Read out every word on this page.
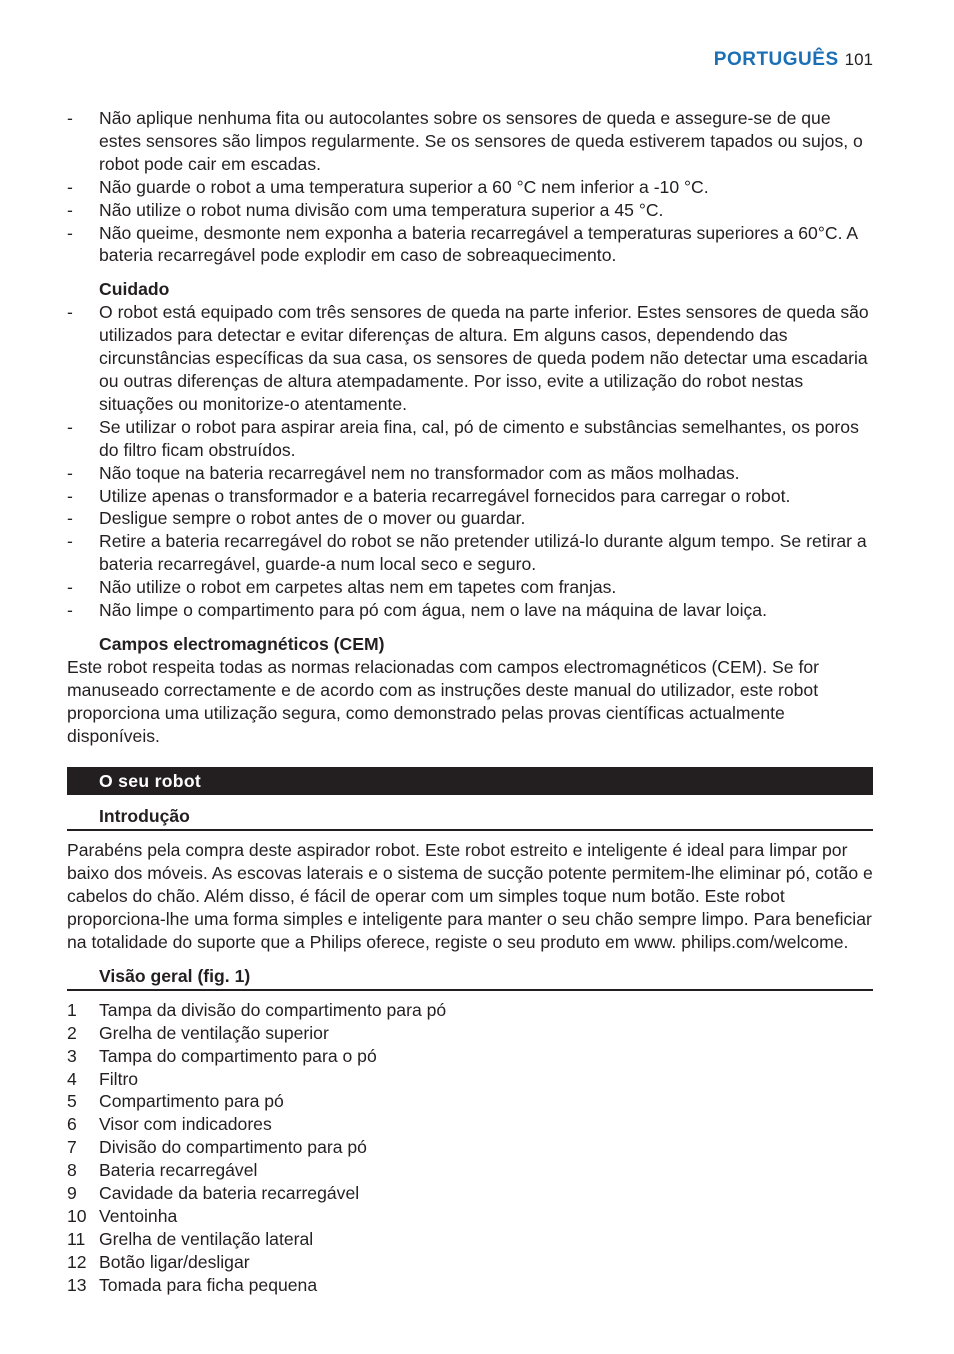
PORTUGUÊS 101
- Não aplique nenhuma fita ou autocolantes sobre os sensores de queda e assegure-se de que estes sensores são limpos regularmente. Se os sensores de queda estiverem tapados ou sujos, o robot pode cair em escadas.
- Não guarde o robot a uma temperatura superior a 60 °C nem inferior a -10 °C.
- Não utilize o robot numa divisão com uma temperatura superior a 45 °C.
- Não queime, desmonte nem exponha a bateria recarregável a temperaturas superiores a 60°C. A bateria recarregável pode explodir em caso de sobreaquecimento.
Cuidado
- O robot está equipado com três sensores de queda na parte inferior. Estes sensores de queda são utilizados para detectar e evitar diferenças de altura. Em alguns casos, dependendo das circunstâncias específicas da sua casa, os sensores de queda podem não detectar uma escadaria ou outras diferenças de altura atempadamente. Por isso, evite a utilização do robot nestas situações ou monitorize-o atentamente.
- Se utilizar o robot para aspirar areia fina, cal, pó de cimento e substâncias semelhantes, os poros do filtro ficam obstruídos.
- Não toque na bateria recarregável nem no transformador com as mãos molhadas.
- Utilize apenas o transformador e a bateria recarregável fornecidos para carregar o robot.
- Desligue sempre o robot antes de o mover ou guardar.
- Retire a bateria recarregável do robot se não pretender utilizá-lo durante algum tempo. Se retirar a bateria recarregável, guarde-a num local seco e seguro.
- Não utilize o robot em carpetes altas nem em tapetes com franjas.
- Não limpe o compartimento para pó com água, nem o lave na máquina de lavar loiça.
Campos electromagnéticos (CEM)

Este robot respeita todas as normas relacionadas com campos electromagnéticos (CEM). Se for manuseado correctamente e de acordo com as instruções deste manual do utilizador, este robot proporciona uma utilização segura, como demonstrado pelas provas científicas actualmente disponíveis.

O seu robot
Introdução

Parabéns pela compra deste aspirador robot. Este robot estreito e inteligente é ideal para limpar por baixo dos móveis. As escovas laterais e o sistema de sucção potente permitem-lhe eliminar pó, cotão e cabelos do chão. Além disso, é fácil de operar com um simples toque num botão. Este robot proporciona-lhe uma forma simples e inteligente para manter o seu chão sempre limpo. Para beneficiar na totalidade do suporte que a Philips oferece, registe o seu produto em www. philips.com/welcome.

Visão geral (fig. 1)
1 Tampa da divisão do compartimento para pó
2 Grelha de ventilação superior
3 Tampa do compartimento para o pó
4 Filtro
5 Compartimento para pó
6 Visor com indicadores
7 Divisão do compartimento para pó
8 Bateria recarregável
9 Cavidade da bateria recarregável
10 Ventoinha
11 Grelha de ventilação lateral
12 Botão ligar/desligar
13 Tomada para ficha pequena
